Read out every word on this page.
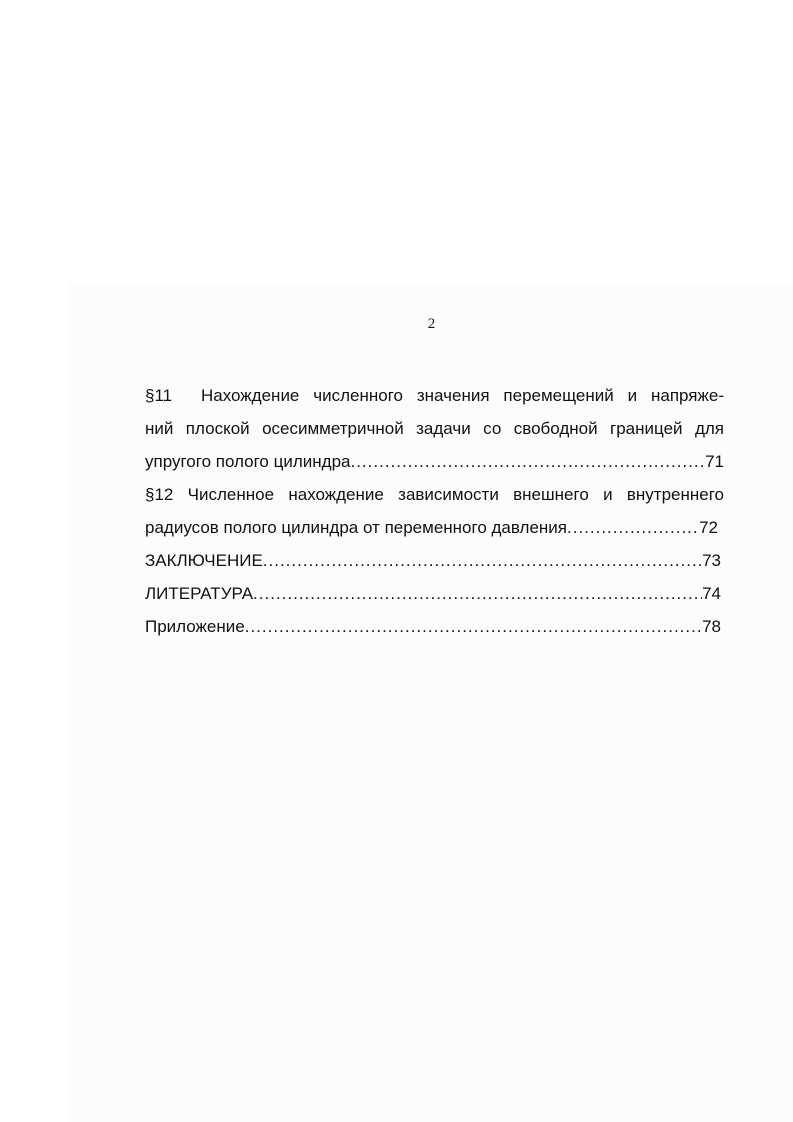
2
§11 Нахождение численного значения перемещений и напряже-
ний плоской осесимметричной задачи со свободной границей для
упругого полого цилиндра .....	71
§12 Численное нахождение зависимости внешнего и внутреннего
радиусов полого цилиндра от переменного давления .....	72
ЗАКЛЮЧЕНИЕ .....	73
ЛИТЕРАТУРА .....	74
Приложение .....	78
